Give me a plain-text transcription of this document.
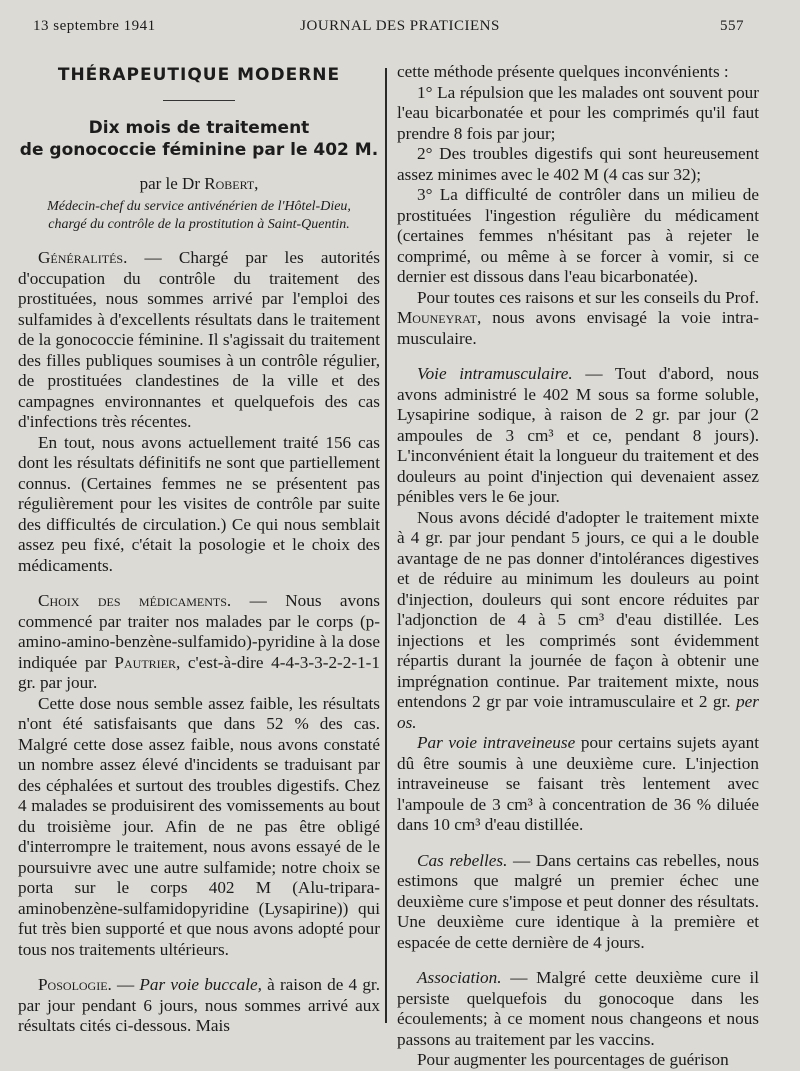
13 septembre 1941	JOURNAL DES PRATICIENS	557
THÉRAPEUTIQUE MODERNE
Dix mois de traitement
de gonococcie féminine par le 402 M.
par le Dr Robert,
Médecin-chef du service antivénérien de l'Hôtel-Dieu,
chargé du contrôle de la prostitution à Saint-Quentin.

Généralités. — Chargé par les autorités d'occupation du contrôle du traitement des prostituées, nous sommes arrivé par l'emploi des sulfamides à d'excellents résultats dans le traitement de la gonococcie féminine. Il s'agissait du traitement des filles publiques soumises à un contrôle régulier, de prostituées clandestines de la ville et des campagnes environnantes et quelquefois des cas d'infections très récentes.

En tout, nous avons actuellement traité 156 cas dont les résultats définitifs ne sont que partiellement connus. (Certaines femmes ne se présentent pas régulièrement pour les visites de contrôle par suite des difficultés de circulation.) Ce qui nous semblait assez peu fixé, c'était la posologie et le choix des médicaments.

Choix des médicaments. — Nous avons commencé par traiter nos malades par le corps (p-amino-amino-benzène-sulfamido)-pyridine à la dose indiquée par Pautrier, c'est-à-dire 4-4-3-3-2-2-1-1 gr. par jour.

Cette dose nous semble assez faible, les résultats n'ont été satisfaisants que dans 52 % des cas. Malgré cette dose assez faible, nous avons constaté un nombre assez élevé d'incidents se traduisant par des céphalées et surtout des troubles digestifs. Chez 4 malades se produisirent des vomissements au bout du troisième jour. Afin de ne pas être obligé d'interrompre le traitement, nous avons essayé de le poursuivre avec une autre sulfamide; notre choix se porta sur le corps 402 M (Alu-tripara-aminobenzène-sulfamidopyridine (Lysapirine)) qui fut très bien supporté et que nous avons adopté pour tous nos traitements ultérieurs.

Posologie. — Par voie buccale, à raison de 4 gr. par jour pendant 6 jours, nous sommes arrivé aux résultats cités ci-dessous. Mais

cette méthode présente quelques inconvénients :

1° La répulsion que les malades ont souvent pour l'eau bicarbonatée et pour les comprimés qu'il faut prendre 8 fois par jour;

2° Des troubles digestifs qui sont heureusement assez minimes avec le 402 M (4 cas sur 32);

3° La difficulté de contrôler dans un milieu de prostituées l'ingestion régulière du médicament (certaines femmes n'hésitant pas à rejeter le comprimé, ou même à se forcer à vomir, si ce dernier est dissous dans l'eau bicarbonatée).

Pour toutes ces raisons et sur les conseils du Prof. Mouneyrat, nous avons envisagé la voie intra-musculaire.

Voie intramusculaire. — Tout d'abord, nous avons administré le 402 M sous sa forme soluble, Lysapirine sodique, à raison de 2 gr. par jour (2 ampoules de 3 cm³ et ce, pendant 8 jours). L'inconvénient était la longueur du traitement et des douleurs au point d'injection qui devenaient assez pénibles vers le 6e jour.

Nous avons décidé d'adopter le traitement mixte à 4 gr. par jour pendant 5 jours, ce qui a le double avantage de ne pas donner d'intolérances digestives et de réduire au minimum les douleurs au point d'injection, douleurs qui sont encore réduites par l'adjonction de 4 à 5 cm³ d'eau distillée. Les injections et les comprimés sont évidemment répartis durant la journée de façon à obtenir une imprégnation continue. Par traitement mixte, nous entendons 2 gr par voie intramusculaire et 2 gr. per os.

Par voie intraveineuse pour certains sujets ayant dû être soumis à une deuxième cure. L'injection intraveineuse se faisant très lentement avec l'ampoule de 3 cm³ à concentration de 36 % diluée dans 10 cm³ d'eau distillée.

Cas rebelles. — Dans certains cas rebelles, nous estimons que malgré un premier échec une deuxième cure s'impose et peut donner des résultats. Une deuxième cure identique à la première et espacée de cette dernière de 4 jours.

Association. — Malgré cette deuxième cure il persiste quelquefois du gonocoque dans les écoulements; à ce moment nous changeons et nous passons au traitement par les vaccins.

Pour augmenter les pourcentages de guérison
